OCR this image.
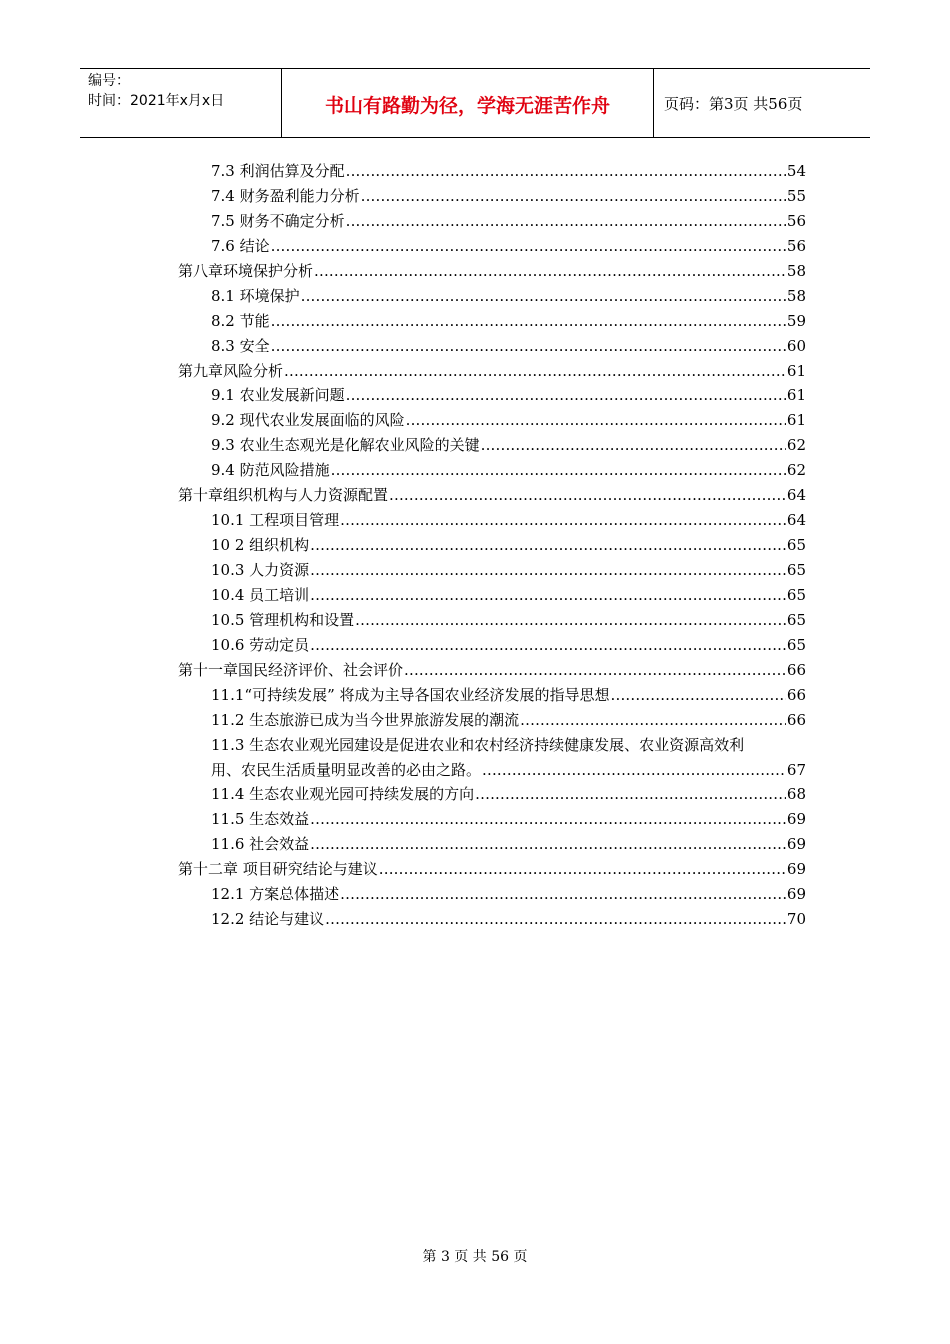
编号：
时间：2021年x月x日	书山有路勤为径，学海无涯苦作舟	页码：第3页 共56页
7.3 利润估算及分配 .....	54
7.4 财务盈利能力分析 .....	55
7.5 财务不确定分析 .....	56
7.6 结论 .....	56
第八章环境保护分析 .....	58
8.1 环境保护 .....	58
8.2 节能 .....	59
8.3 安全 .....	60
第九章风险分析 .....	61
9.1 农业发展新问题 .....	61
9.2 现代农业发展面临的风险 .....	61
9.3 农业生态观光是化解农业风险的关键 .....	62
9.4 防范风险措施 .....	62
第十章组织机构与人力资源配置 .....	64
10.1 工程项目管理 .....	64
10 2 组织机构 .....	65
10.3 人力资源 .....	65
10.4 员工培训 .....	65
10.5 管理机构和设置 .....	65
10.6 劳动定员 .....	65
第十一章国民经济评价、社会评价 .....	66
11.1“可持续发展” 将成为主导各国农业经济发展的指导思想 .....	66
11.2 生态旅游已成为当今世界旅游发展的潮流 .....	66
11.3 生态农业观光园建设是促进农业和农村经济持续健康发展、农业资源高效利
用、农民生活质量明显改善的必由之路。 .....	67
11.4 生态农业观光园可持续发展的方向 .....	68
11.5 生态效益 .....	69
11.6 社会效益 .....	69
第十二章 项目研究结论与建议 .....	69
12.1 方案总体描述 .....	69
12.2 结论与建议 .....	70
第 3 页 共 56 页
